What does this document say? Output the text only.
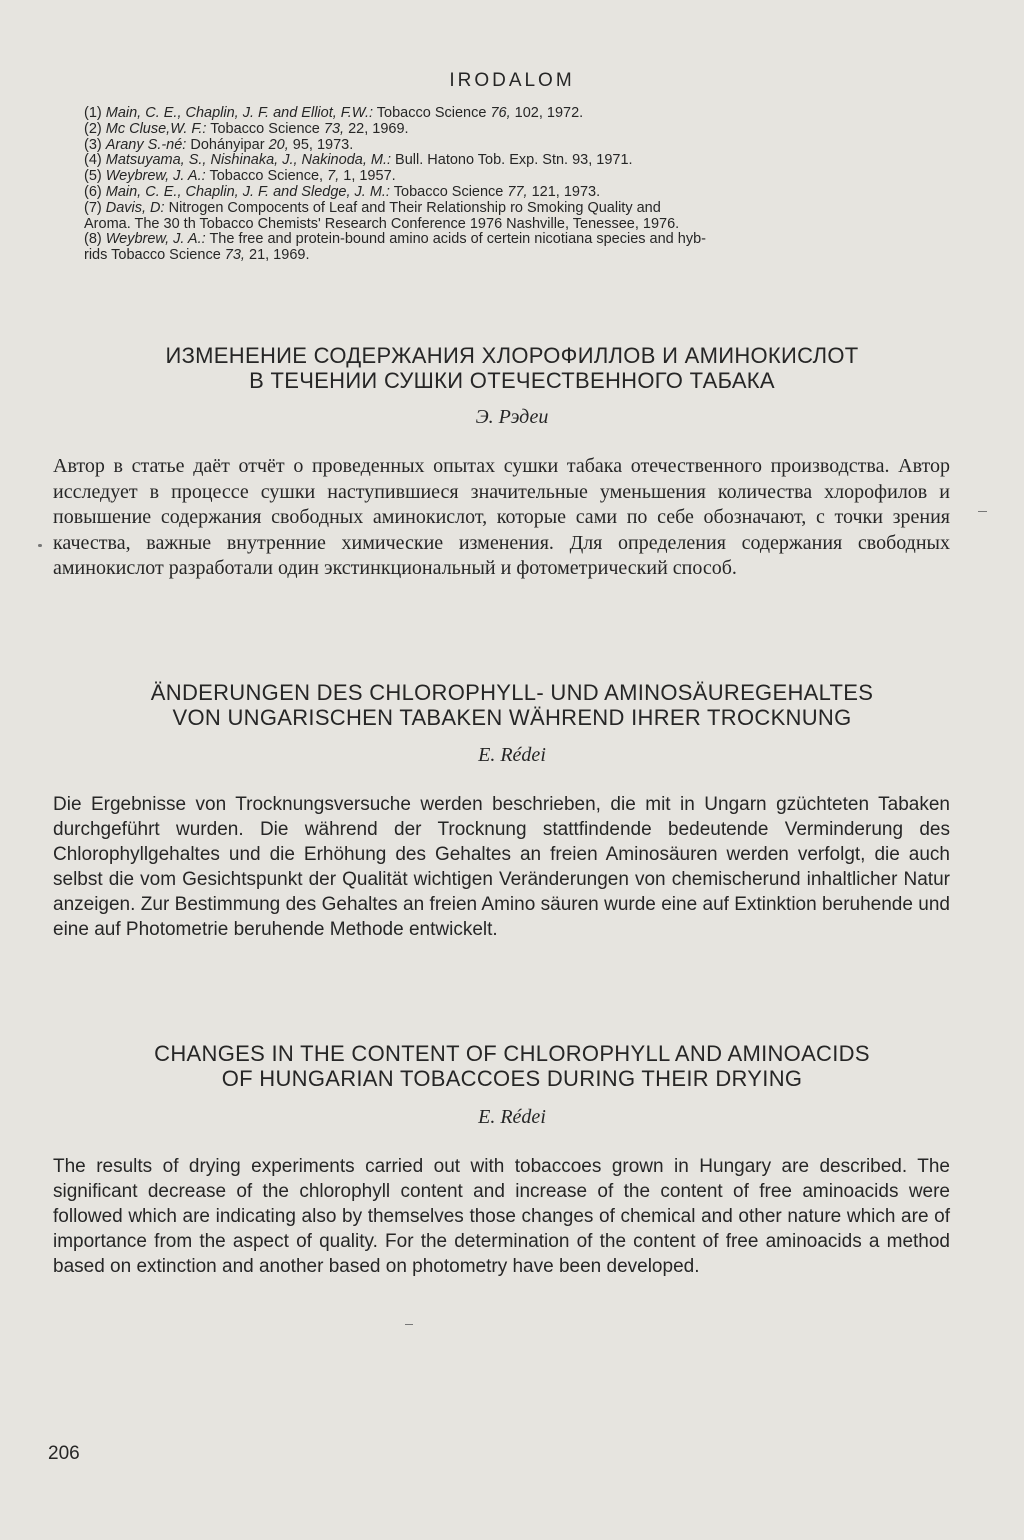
IRODALOM
(1) Main, C. E., Chaplin, J. F. and Elliot, F.W.: Tobacco Science 76, 102, 1972.
(2) Mc Cluse,W. F.: Tobacco Science 73, 22, 1969.
(3) Arany S.-né: Dohányipar 20, 95, 1973.
(4) Matsuyama, S., Nishinaka, J., Nakinoda, M.: Bull. Hatono Tob. Exp. Stn. 93, 1971.
(5) Weybrew, J. A.: Tobacco Science, 7, 1, 1957.
(6) Main, C. E., Chaplin, J. F. and Sledge, J. M.: Tobacco Science 77, 121, 1973.
(7) Davis, D: Nitrogen Compocents of Leaf and Their Relationship ro Smoking Quality and
Aroma. The 30 th Tobacco Chemists' Research Conference 1976 Nashville, Tenessee, 1976.
(8) Weybrew, J. A.: The free and protein-bound amino acids of certein nicotiana species and hyb-
rids Tobacco Science 73, 21, 1969.
ИЗМЕНЕНИЕ СОДЕРЖАНИЯ ХЛОРОФИЛЛОВ И АМИНОКИСЛОТ
В ТЕЧЕНИИ СУШКИ ОТЕЧЕСТВЕННОГО ТАБАКА
Э. Рэдеи
Автор в статье даёт отчёт о проведенных опытах сушки табака отечественного производства. Автор исследует в процессе сушки наступившиеся значительные уменьшения количества хлорофилов и повышение содержания свободных аминокислот, которые сами по себе обозначают, с точки зрения качества, важные внутренние химические изменения. Для определения содержания свободных аминокислот разработали один экстинкциональный и фотометрический способ.
ÄNDERUNGEN DES CHLOROPHYLL- UND AMINOSÄUREGEHALTES
VON UNGARISCHEN TABAKEN WÄHREND IHRER TROCKNUNG
E. Rédei
Die Ergebnisse von Trocknungsversuche werden beschrieben, die mit in Ungarn gzüchteten Tabaken durchgeführt wurden. Die während der Trocknung stattfindende bedeutende Verminderung des Chlorophyllgehaltes und die Erhöhung des Gehaltes an freien Aminosäuren werden verfolgt, die auch selbst die vom Gesichtspunkt der Qualität wichtigen Veränderungen von chemischerund inhaltlicher Natur anzeigen. Zur Bestimmung des Gehaltes an freien Amino säuren wurde eine auf Extinktion beruhende und eine auf Photometrie beruhende Methode entwickelt.
CHANGES IN THE CONTENT OF CHLOROPHYLL AND AMINOACIDS
OF HUNGARIAN TOBACCOES DURING THEIR DRYING
E. Rédei
The results of drying experiments carried out with tobaccoes grown in Hungary are described. The significant decrease of the chlorophyll content and increase of the content of free aminoacids were followed which are indicating also by themselves those changes of chemical and other nature which are of importance from the aspect of quality. For the determination of the content of free aminoacids a method based on extinction and another based on photometry have been developed.
206
